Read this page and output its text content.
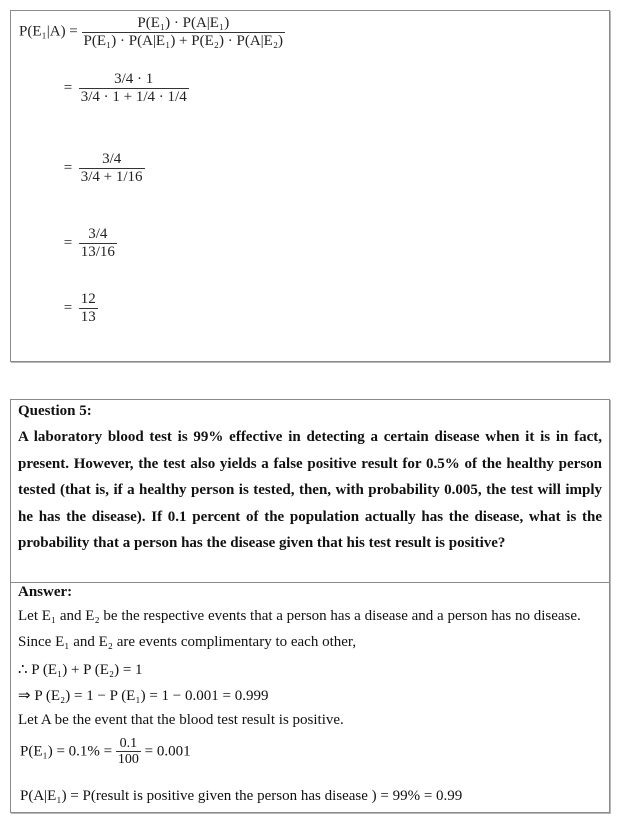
$P(E_1|A) = \frac{\text{P(E₁) · P(A|E₁)}}{\text{P(E₁) · P(A|E₁) + P(E₂) · P(A|E₂)}}$
= $\frac{3/4 \cdot 1}{3/4 \cdot 1 + 1/4 \cdot 1/4}$
= $\frac{3/4}{3/4 + 1/16}$
= $\frac{3/4}{13/16}$
= $\frac{12}{13}$
Question 5:
A laboratory blood test is 99% effective in detecting a certain disease when it is in fact, present. However, the test also yields a false positive result for 0.5% of the healthy person tested (that is, if a healthy person is tested, then, with probability 0.005, the test will imply he has the disease). If 0.1 percent of the population actually has the disease, what is the probability that a person has the disease given that his test result is positive?
Answer:
Let E₁ and E₂ be the respective events that a person has a disease and a person has no disease.
Since E₁ and E₂ are events complimentary to each other,
∴ P (E₁) + P (E₂) = 1
⇒ P (E₂) = 1 − P (E₁) = 1 − 0.001 = 0.999
Let A be the event that the blood test result is positive.
$P(E_1) = 0.1\% = \frac{0.1}{100} = 0.001$
P(A|E₁) = P(result is positive given the person has disease ) = 99% = 0.99
